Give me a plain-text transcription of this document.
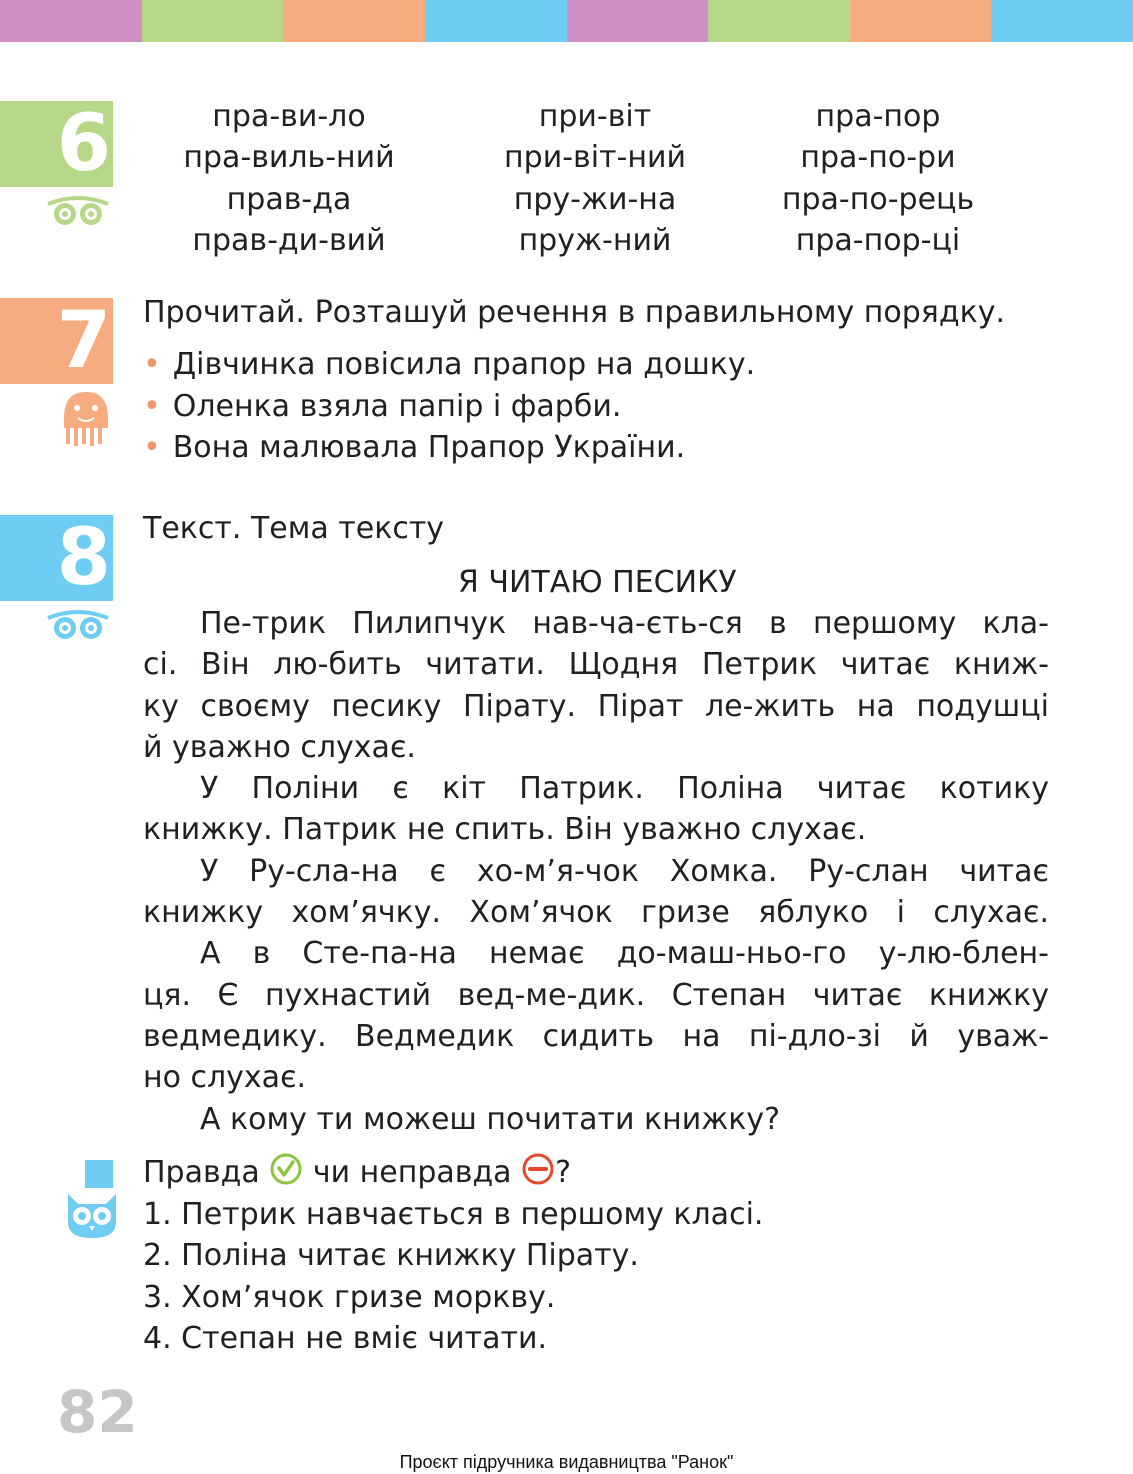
6	пра-ви-ло
пра-виль-ний
прав-да
прав-ди-вий
при-віт
при-віт-ний
пру-жи-на
пруж-ний
пра-пор
пра-по-ри
пра-по-рець
пра-пор-ці
7 Прочитай. Розташуй речення в правильному порядку.
• Дівчинка повісила прапор на дошку.
• Оленка взяла папір і фарби.
• Вона малювала Прапор України.
8 Текст. Тема тексту
Я ЧИТАЮ ПЕСИКУ
Пе-трик Пилипчук нав-ча-єть-ся в першому кла-
сі. Він лю-бить читати. Щодня Петрик читає книж-
ку своєму песику Пірату. Пірат ле-жить на подушці
й уважно слухає.
У Поліни є кіт Патрик. Поліна читає котику
книжку. Патрик не спить. Він уважно слухає.
У Ру-сла-на є хо-м’я-чок Хомка. Ру-слан читає
книжку хом’ячку. Хом’ячок гризе яблуко і слухає.
А в Сте-па-на немає до-маш-ньо-го у-лю-блен-
ця. Є пухнастий вед-ме-дик. Степан читає книжку
ведмедику. Ведмедик сидить на пі-дло-зі й уваж-
но слухає.
А кому ти можеш почитати книжку?
Правда чи неправда ?
1. Петрик навчається в першому класі.
2. Поліна читає книжку Пірату.
3. Хом’ячок гризе моркву.
4. Степан не вміє читати.
82
Проєкт підручника видавництва "Ранок"
